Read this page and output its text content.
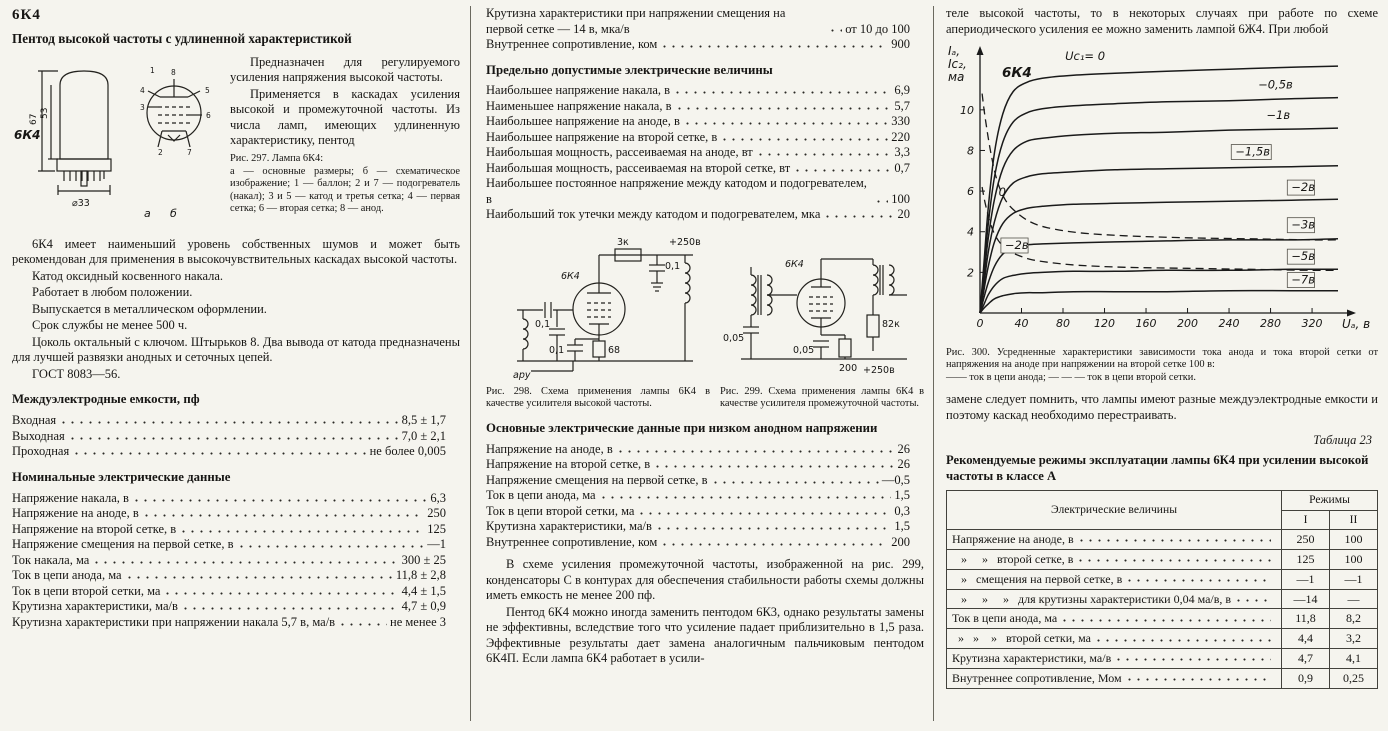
6К4
Пентод высокой частоты с удлиненной характеристикой
6К4
67
53
⌀33
а б
1
2
3
4	5
6
7
8
Предназначен для регулируемого усиления напряжения высокой частоты.
Применяется в каскадах усиления высокой и промежуточной частоты. Из числа ламп, имеющих удлиненную характеристику, пентод
Рис. 297. Лампа 6К4:
а — основные размеры; б — схематическое изображение; 1 — баллон; 2 и 7 — подогреватель (накал); 3 и 5 — катод и третья сетка; 4 — первая сетка; 6 — вторая сетка; 8 — анод.
6К4 имеет наименьший уровень собственных шумов и может быть рекомендован для применения в высокочувствительных каскадах высокой частоты.
Катод оксидный косвенного накала.
Работает в любом положении.
Выпускается в металлическом оформлении.
Срок службы не менее 500 ч.
Цоколь октальный с ключом. Штырьков 8. Два вывода от катода предназначены для лучшей развязки анодных и сеточных цепей.
ГОСТ 8083—56.
Междуэлектродные емкости, пф
Входная	8,5 ± 1,7
Выходная	7,0 ± 2,1
Проходная	не более 0,005
Номинальные электрические данные
Напряжение накала, в	6,3
Напряжение на аноде, в	250
Напряжение на второй сетке, в	125
Напряжение смещения на первой сетке, в	—1
Ток накала, ма	300 ± 25
Ток в цепи анода, ма	11,8 ± 2,8
Ток в цепи второй сетки, ма	4,4 ± 1,5
Крутизна характеристики, ма/в	4,7 ± 0,9
Крутизна характеристики при напряжении накала 5,7 в, ма/в	не менее 3
Крутизна характеристики при напряжении смещения на первой сетке — 14 в, мка/в	от 10 до 100
Внутреннее сопротивление, ком	900
Предельно допустимые электрические величины
Наибольшее напряжение накала, в	6,9
Наименьшее напряжение накала, в	5,7
Наибольшее напряжение на аноде, в	330
Наибольшее напряжение на второй сетке, в	220
Наибольшая мощность, рассеиваемая на аноде, вт	3,3
Наибольшая мощность, рассеиваемая на второй сетке, вт	0,7
Наибольшее постоянное напряжение между катодом и подогревателем, в	100
Наибольший ток утечки между катодом и подогревателем, мка	20
6К4
3к
0,1
+250в
0,1	68
0,1
ару
Рис. 298. Схема применения лампы 6К4 в качестве усилителя высокой частоты.
6К4
82к
+250в
0,05
200
0,05
Рис. 299. Схема применения лампы 6К4 в качестве усилителя промежуточной частоты.
Основные электрические данные при низком анодном напряжении
Напряжение на аноде, в	26
Напряжение на второй сетке, в	26
Напряжение смещения на первой сетке, в	—0,5
Ток в цепи анода, ма	1,5
Ток в цепи второй сетки, ма	0,3
Крутизна характеристики, ма/в	1,5
Внутреннее сопротивление, ком	200
В схеме усиления промежуточной частоты, изображенной на рис. 299, конденсаторы С в контурах для обеспечения стабильности работы схемы должны иметь емкость не менее 200 пф.
Пентод 6К4 можно иногда заменить пентодом 6К3, однако результаты замены не эффективны, вследствие того что усиление падает приблизительно в 1,5 раза. Эффективные результаты дает замена аналогичным пальчиковым пентодом 6К4П. Если лампа 6К4 работает в усили-
теле высокой частоты, то в некоторых случаях при работе по схеме апериодического усиления ее можно заменить лампой 6Ж4. При любой
0	40	80 120 160 200 240 280 320
2
4
6
8
10
Uc₁= 0
−0,5в
−1в
−1,5в
−2в
−3в
−5в
−7в
0
−2в
Uₐ, в
Iₐ,
Iс₂,
ма	6К4
Рис. 300. Усредненные характеристики зависимости тока анода и тока второй сетки от напряжения на аноде при напряжении на второй сетке 100 в:
—— ток в цепи анода; — — — ток в цепи второй сетки.
замене следует помнить, что лампы имеют разные междуэлектродные емкости и поэтому каскад необходимо перестраивать.
Таблица 23
Рекомендуемые режимы эксплуатации лампы 6К4 при усилении высокой частоты в классе А
Электрические величины	Режимы	
	I	II

Напряжение на аноде, в	250	100

»     »   второй сетке, в	125	100

»   смещения на первой сетке, в	—1	—1

»     »     »   для крутизны характеристики 0,04 ма/в, в	—14	—

Ток в цепи анода, ма	11,8	8,2

»   »    »   второй сетки, ма	4,4	3,2

Крутизна характеристики, ма/в	4,7	4,1

Внутреннее сопротивление, Мом	0,9	0,25
